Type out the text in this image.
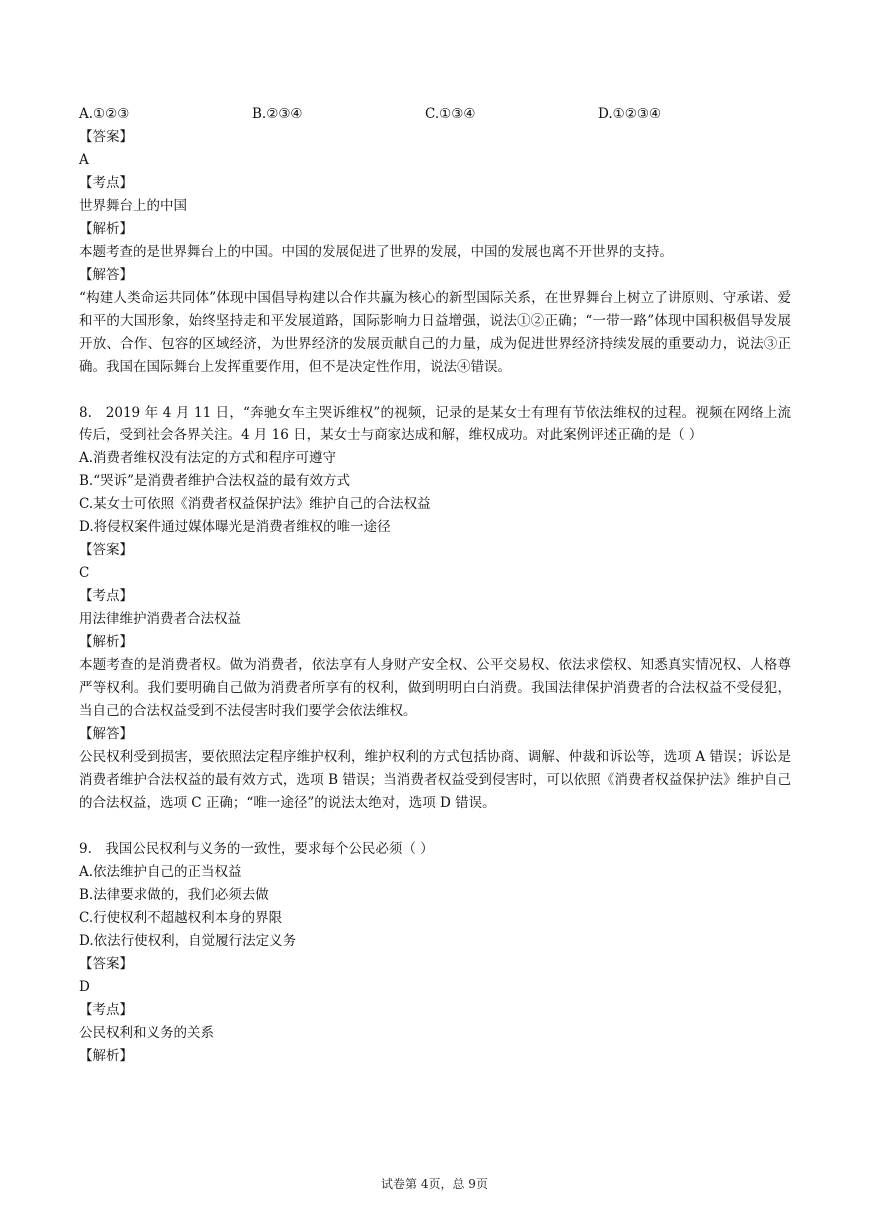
A.①②③	B.②③④	C.①③④	D.①②③④
【答案】
A
【考点】
世界舞台上的中国
【解析】
本题考查的是世界舞台上的中国。中国的发展促进了世界的发展，中国的发展也离不开世界的支持。
【解答】
“构建人类命运共同体”体现中国倡导构建以合作共赢为核心的新型国际关系，在世界舞台上树立了讲原则、守承诺、爱和平的大国形象，始终坚持走和平发展道路，国际影响力日益增强，说法①②正确；“一带一路”体现中国积极倡导发展开放、合作、包容的区域经济，为世界经济的发展贡献自己的力量，成为促进世界经济持续发展的重要动力，说法③正确。我国在国际舞台上发挥重要作用，但不是决定性作用，说法④错误。
8.　2019 年 4 月 11 日，“奔驰女车主哭诉维权”的视频，记录的是某女士有理有节依法维权的过程。视频在网络上流传后，受到社会各界关注。4 月 16 日，某女士与商家达成和解，维权成功。对此案例评述正确的是（ ）
A.消费者维权没有法定的方式和程序可遵守
B.“哭诉”是消费者维护合法权益的最有效方式
C.某女士可依照《消费者权益保护法》维护自己的合法权益
D.将侵权案件通过媒体曝光是消费者维权的唯一途径
【答案】
C
【考点】
用法律维护消费者合法权益
【解析】
本题考查的是消费者权。做为消费者，依法享有人身财产安全权、公平交易权、依法求偿权、知悉真实情况权、人格尊严等权利。我们要明确自己做为消费者所享有的权利，做到明明白白消费。我国法律保护消费者的合法权益不受侵犯，当自己的合法权益受到不法侵害时我们要学会依法维权。
【解答】
公民权利受到损害，要依照法定程序维护权利，维护权利的方式包括协商、调解、仲裁和诉讼等，选项 A 错误；诉讼是消费者维护合法权益的最有效方式，选项 B 错误；当消费者权益受到侵害时，可以依照《消费者权益保护法》维护自己的合法权益，选项 C 正确；“唯一途径”的说法太绝对，选项 D 错误。
9.　我国公民权利与义务的一致性，要求每个公民必须（ ）
A.依法维护自己的正当权益
B.法律要求做的，我们必须去做
C.行使权利不超越权利本身的界限
D.依法行使权利，自觉履行法定义务
【答案】
D
【考点】
公民权利和义务的关系
【解析】
试卷第 4页，总 9页
